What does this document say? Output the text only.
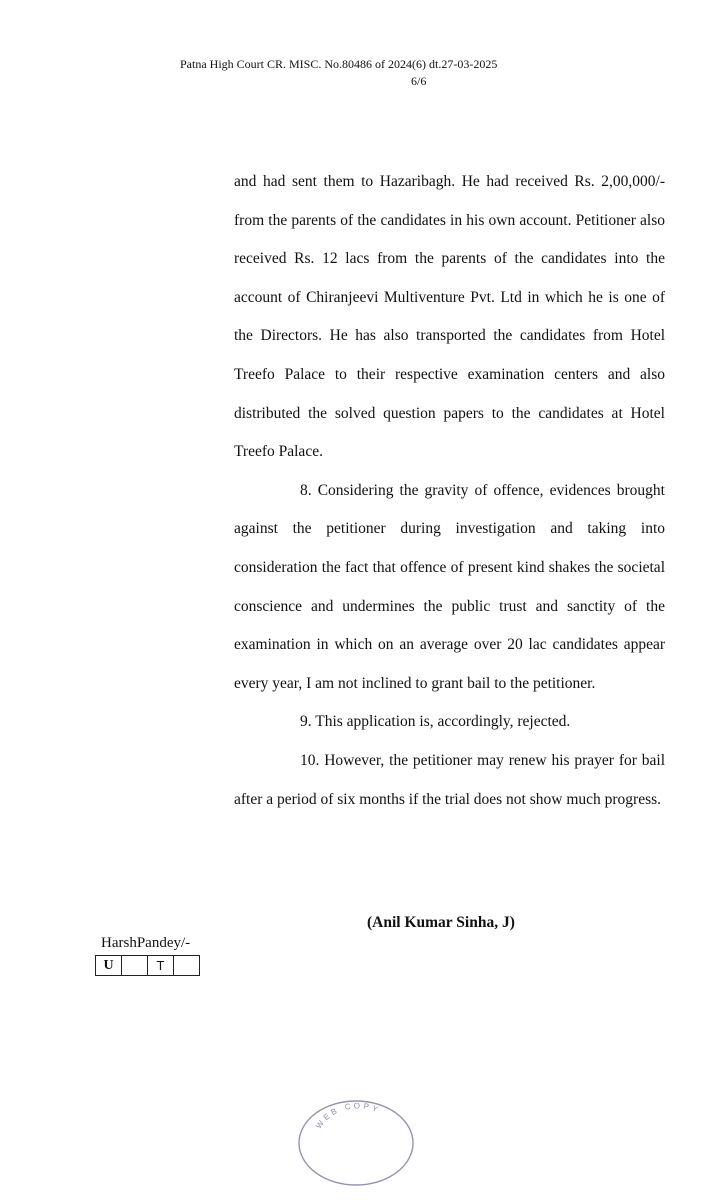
Patna High Court CR. MISC. No.80486 of 2024(6) dt.27-03-2025
6/6

and had sent them to Hazaribagh. He had received Rs. 2,00,000/- from the parents of the candidates in his own account. Petitioner also received Rs. 12 lacs from the parents of the candidates into the account of Chiranjeevi Multiventure Pvt. Ltd in which he is one of the Directors. He has also transported the candidates from Hotel Treefo Palace to their respective examination centers and also distributed the solved question papers to the candidates at Hotel Treefo Palace.

8. Considering the gravity of offence, evidences brought against the petitioner during investigation and taking into consideration the fact that offence of present kind shakes the societal conscience and undermines the public trust and sanctity of the examination in which on an average over 20 lac candidates appear every year, I am not inclined to grant bail to the petitioner.

9. This application is, accordingly, rejected.

10. However, the petitioner may renew his prayer for bail after a period of six months if the trial does not show much progress.

(Anil Kumar Sinha, J)
HarshPandey/-
U		T	
WEB COPY
